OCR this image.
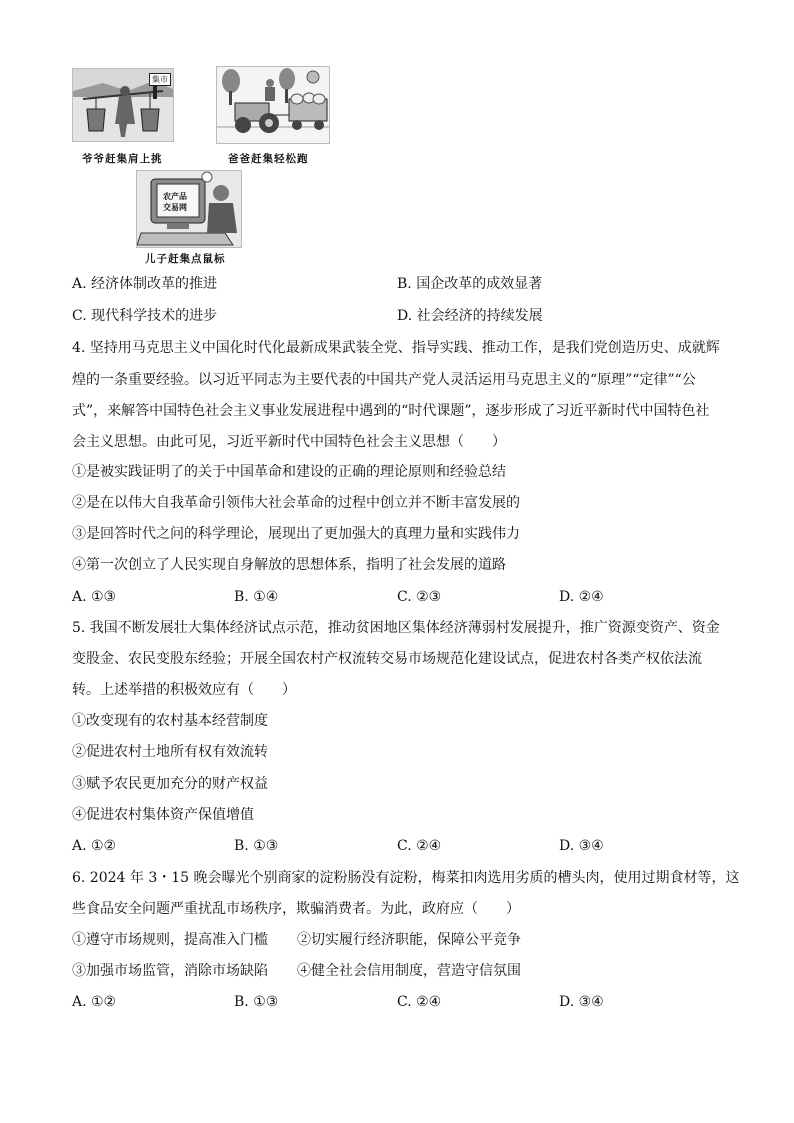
集市
爷爷赶集肩上挑	爸爸赶集轻松跑
农产品
交易网
儿子赶集点鼠标
A. 经济体制改革的推进	B. 国企改革的成效显著
C. 现代科学技术的进步	D. 社会经济的持续发展
4. 坚持用马克思主义中国化时代化最新成果武装全党、指导实践、推动工作，是我们党创造历史、成就辉
煌的一条重要经验。以习近平同志为主要代表的中国共产党人灵活运用马克思主义的“原理”“定律”“公
式”，来解答中国特色社会主义事业发展进程中遇到的“时代课题”，逐步形成了习近平新时代中国特色社
会主义思想。由此可见，习近平新时代中国特色社会主义思想（　　）
①是被实践证明了的关于中国革命和建设的正确的理论原则和经验总结
②是在以伟大自我革命引领伟大社会革命的过程中创立并不断丰富发展的
③是回答时代之问的科学理论，展现出了更加强大的真理力量和实践伟力
④第一次创立了人民实现自身解放的思想体系，指明了社会发展的道路
A. ①③	B. ①④	C. ②③	D. ②④
5. 我国不断发展壮大集体经济试点示范，推动贫困地区集体经济薄弱村发展提升，推广资源变资产、资金
变股金、农民变股东经验；开展全国农村产权流转交易市场规范化建设试点，促进农村各类产权依法流
转。上述举措的积极效应有（　　）
①改变现有的农村基本经营制度
②促进农村土地所有权有效流转
③赋予农民更加充分的财产权益
④促进农村集体资产保值增值
A. ①②	B. ①③	C. ②④	D. ③④
6. 2024 年 3・15 晚会曝光个别商家的淀粉肠没有淀粉，梅菜扣肉选用劣质的槽头肉，使用过期食材等，这
些食品安全问题严重扰乱市场秩序，欺骗消费者。为此，政府应（　　）
①遵守市场规则，提高准入门槛 ②切实履行经济职能，保障公平竞争
③加强市场监管，消除市场缺陷 ④健全社会信用制度，营造守信氛围
A. ①②	B. ①③	C. ②④	D. ③④
